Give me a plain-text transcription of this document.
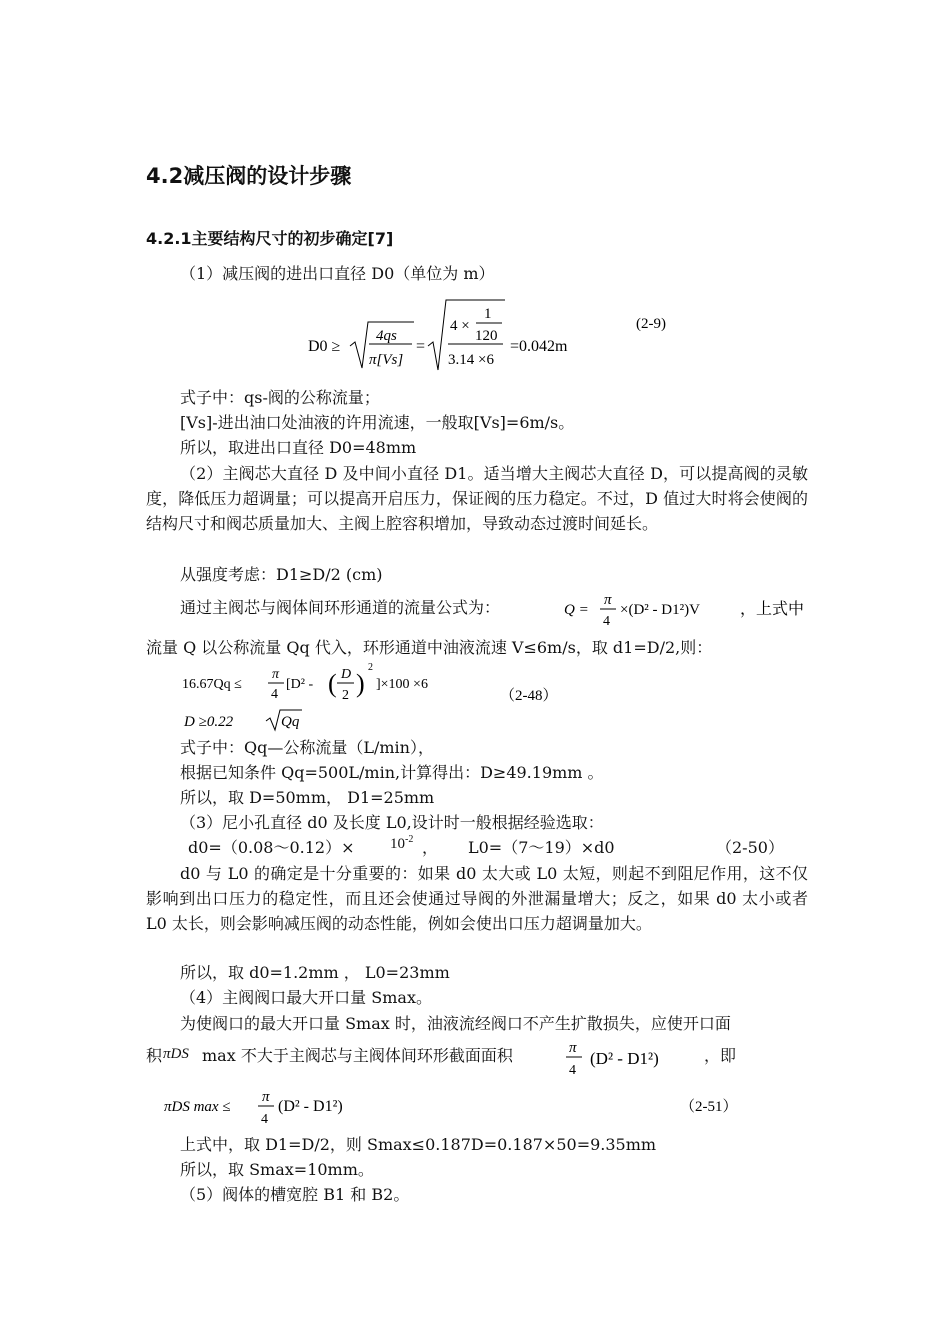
4.2减压阀的设计步骤
4.2.1主要结构尺寸的初步确定[7]
（1）减压阀的进出口直径 D0（单位为 m）
D0 ≥
4qs
π[Vs]
=
4 ×
1
120
3.14 ×6
=0.042m
(2-9)
式子中：qs-阀的公称流量；
[Vs]-进出油口处油液的许用流速，一般取[Vs]=6m/s。
所以，取进出口直径 D0=48mm
（2）主阀芯大直径 D 及中间小直径 D1。适当增大主阀芯大直径 D，可以提高阀的灵敏度，降低压力超调量；可以提高开启压力，保证阀的压力稳定。不过，D 值过大时将会使阀的结构尺寸和阀芯质量加大、主阀上腔容积增加，导致动态过渡时间延长。
从强度考虑：D1≥D/2 (cm)
通过主阀芯与阀体间环形通道的流量公式为：	Q =
π
4
×(D² - D1²)V	，上式中
流量 Q 以公称流量 Qq 代入，环形通道中油液流速 V≤6m/s，取 d1=D/2,则：
16.67Qq ≤
π
4
[D² - ( D
2 )
2
]×100 ×6
（2-48）
D ≥0.22	Qq
式子中：Qq—公称流量（L/min），
根据已知条件 Qq=500L/min,计算得出：D≥49.19mm 。
所以，取 D=50mm， D1=25mm
（3）尼小孔直径 d0 及长度 L0,设计时一般根据经验选取：
d0=（0.08～0.12）× $10^{-2}$ ， L0=（7～19）×d0	（2-50）
d0 与 L0 的确定是十分重要的：如果 d0 太大或 L0 太短，则起不到阻尼作用，这不仅影响到出口压力的稳定性，而且还会使通过导阀的外泄漏量增大；反之，如果 d0 太小或者 L0 太长，则会影响减压阀的动态性能，例如会使出口压力超调量加大。
所以，取 d0=1.2mm ， L0=23mm
（4）主阀阀口最大开口量 Smax。
为使阀口的最大开口量 Smax 时，油液流经阀口不产生扩散损失，应使开口面
积 πDS max 不大于主阀芯与主阀体间环形截面面积	π
4
(D² - D1²)	，即
πDS max ≤
π
4
(D² - D1²)	（2-51）
上式中，取 D1=D/2，则 Smax≤0.187D=0.187×50=9.35mm
所以，取 Smax=10mm。
（5）阀体的槽宽腔 B1 和 B2。
